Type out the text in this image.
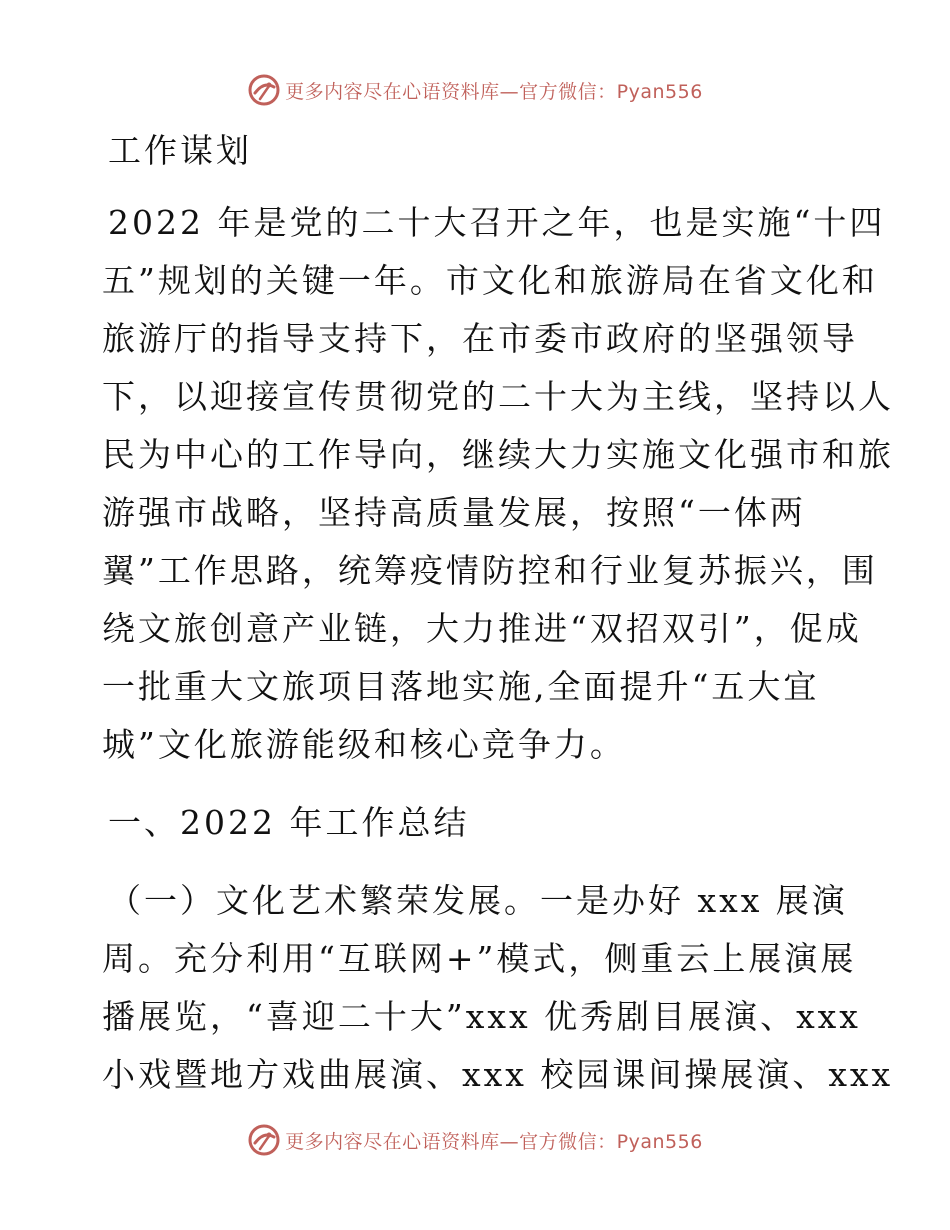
更多内容尽在心语资料库—官方微信：Pyan556
工作谋划
2022 年是党的二十大召开之年，也是实施“十四
五”规划的关键一年。市文化和旅游局在省文化和
旅游厅的指导支持下，在市委市政府的坚强领导
下，以迎接宣传贯彻党的二十大为主线，坚持以人
民为中心的工作导向，继续大力实施文化强市和旅
游强市战略，坚持高质量发展，按照“一体两
翼”工作思路，统筹疫情防控和行业复苏振兴，围
绕文旅创意产业链，大力推进“双招双引”，促成
一批重大文旅项目落地实施,全面提升“五大宜
城”文化旅游能级和核心竞争力。
一、2022 年工作总结
（一）文化艺术繁荣发展。一是办好 xxx 展演
周。充分利用“互联网+”模式，侧重云上展演展
播展览，“喜迎二十大”xxx 优秀剧目展演、xxx
小戏暨地方戏曲展演、xxx 校园课间操展演、xxx
更多内容尽在心语资料库—官方微信：Pyan556
